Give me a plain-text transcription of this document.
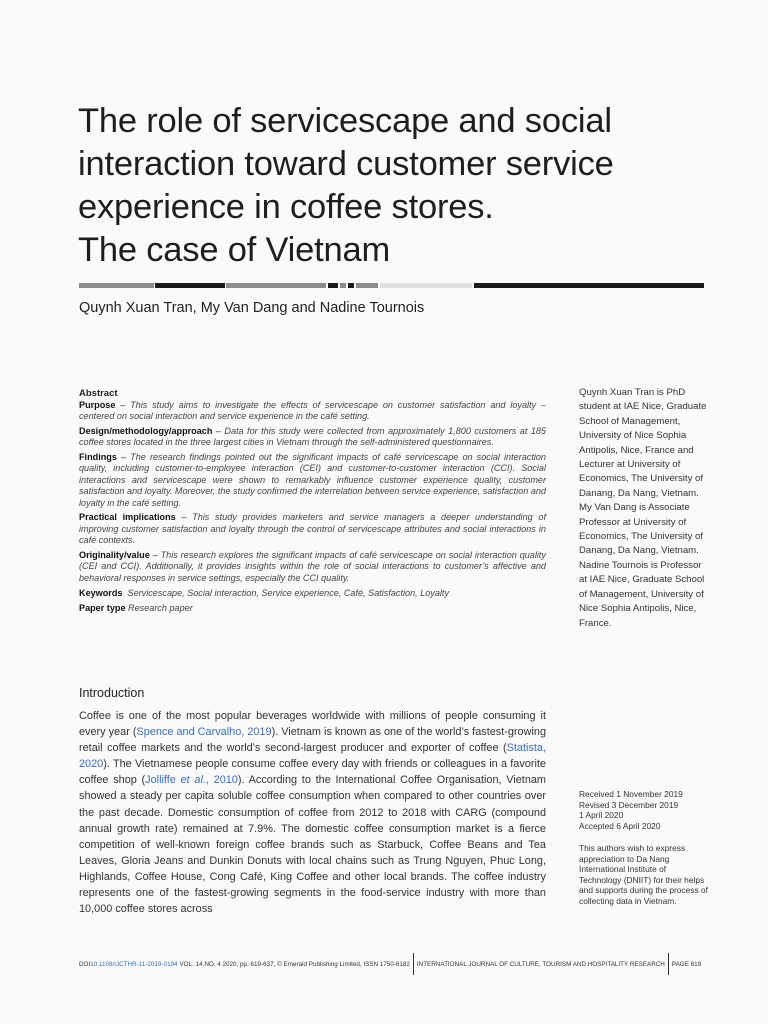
The role of servicescape and social
interaction toward customer service
experience in coffee stores.
The case of Vietnam
Quynh Xuan Tran, My Van Dang and Nadine Tournois

Abstract

Purpose – This study aims to investigate the effects of servicescape on customer satisfaction and loyalty – centered on social interaction and service experience in the café setting.

Design/methodology/approach – Data for this study were collected from approximately 1,800 customers at 185 coffee stores located in the three largest cities in Vietnam through the self-administered questionnaires.

Findings – The research findings pointed out the significant impacts of café servicescape on social interaction quality, including customer-to-employee interaction (CEI) and customer-to-customer interaction (CCI). Social interactions and servicescape were shown to remarkably influence customer experience quality, customer satisfaction and loyalty. Moreover, the study confirmed the interrelation between service experience, satisfaction and loyalty in the café setting.

Practical implications – This study provides marketers and service managers a deeper understanding of improving customer satisfaction and loyalty through the control of servicescape attributes and social interactions in café contexts.

Originality/value – This research explores the significant impacts of café servicescape on social interaction quality (CEI and CCI). Additionally, it provides insights within the role of social interactions to customer’s affective and behavioral responses in service settings, especially the CCI quality.

Keywords Servicescape, Social interaction, Service experience, Café, Satisfaction, Loyalty

Paper type Research paper

Introduction

Coffee is one of the most popular beverages worldwide with millions of people consuming it every year (Spence and Carvalho, 2019). Vietnam is known as one of the world’s fastest-growing retail coffee markets and the world’s second-largest producer and exporter of coffee (Statista, 2020). The Vietnamese people consume coffee every day with friends or colleagues in a favorite coffee shop (Jolliffe et al., 2010). According to the International Coffee Organisation, Vietnam showed a steady per capita soluble coffee consumption when compared to other countries over the past decade. Domestic consumption of coffee from 2012 to 2018 with CARG (compound annual growth rate) remained at 7.9%. The domestic coffee consumption market is a fierce competition of well-known foreign coffee brands such as Starbuck, Coffee Beans and Tea Leaves, Gloria Jeans and Dunkin Donuts with local chains such as Trung Nguyen, Phuc Long, Highlands, Coffee House, Cong Café, King Coffee and other local brands. The coffee industry represents one of the fastest-growing segments in the food-service industry with more than 10,000 coffee stores across

Quynh Xuan Tran is PhD student at IAE Nice, Graduate School of Management, University of Nice Sophia Antipolis, Nice, France and Lecturer at University of Economics, The University of Danang, Da Nang, Vietnam.

My Van Dang is Associate Professor at University of Economics, The University of Danang, Da Nang, Vietnam.

Nadine Tournois is Professor at IAE Nice, Graduate School of Management, University of Nice Sophia Antipolis, Nice, France.

Received 1 November 2019

Revised 3 December 2019

1 April 2020

Accepted 6 April 2020

This authors wish to express appreciation to Da Nang International Institute of Technology (DNIIT) for their helps and supports during the process of collecting data in Vietnam.

DOI 10.1108/IJCTHR-11-2019-0194 VOL. 14 NO. 4 2020, pp. 619-637, © Emerald Publishing Limited, ISSN 1750-6182 INTERNATIONAL JOURNAL OF CULTURE, TOURISM AND HOSPITALITY RESEARCH PAGE 619
